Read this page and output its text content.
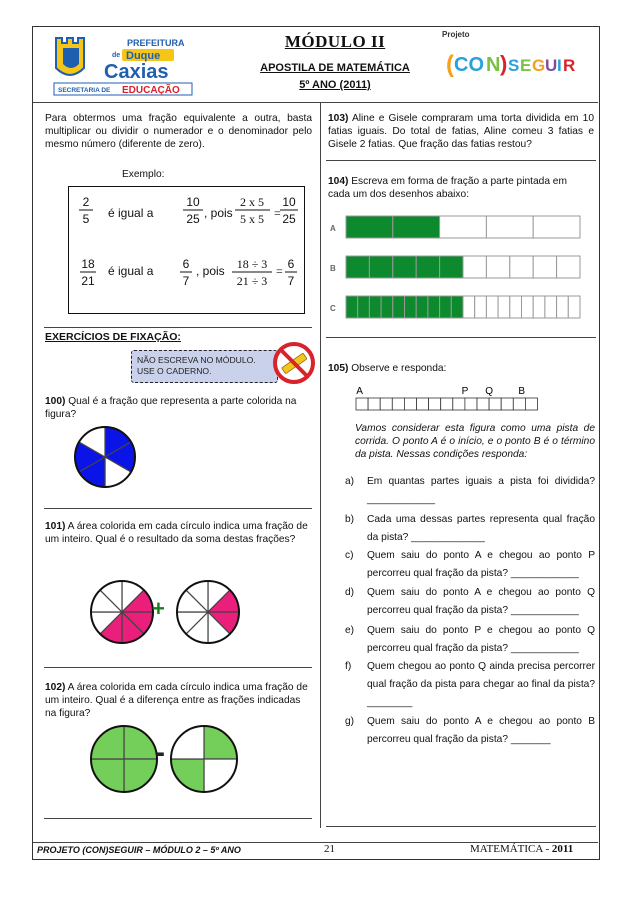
PREFEITURA
de Duque
Caxias
SECRETARIA DE EDUCAÇÃO
MÓDULO II
APOSTILA DE MATEMÁTICA
5º ANO (2011)
Projeto
( CO N ) S E G U I R
CON)SEGUIR
Para obtermos uma fração equivalente a outra, basta multiplicar ou dividir o numerador e o denominador pelo mesmo número (diferente de zero).
Exemplo:
2
5 é igual a
10
25 , pois
2 x 5
5 x 5 =
10
25
18
21
é igual a 6
7
, pois 18 ÷ 3
21 ÷ 3
= 6
7
EXERCÍCIOS DE FIXAÇÃO:
NÃO ESCREVA NO MÓDULO.
USE O CADERNO.
100) Qual é a fração que representa a parte colorida na figura?
101) A área colorida em cada círculo indica uma fração de um inteiro. Qual é o resultado da soma destas frações?
+
102) A área colorida em cada círculo indica uma fração de um inteiro. Qual é a diferença entre as frações indicadas na figura?
-
103) Aline e Gisele compraram uma torta dividida em 10 fatias iguais. Do total de fatias, Aline comeu 3 fatias e Gisele 2 fatias. Que fração das fatias restou?
104) Escreva em forma de fração a parte pintada em cada um dos desenhos abaixo:
A
B
C
105) Observe e responda:
A	P Q	B
Vamos considerar esta figura como uma pista de corrida. O ponto A é o início, e o ponto B é o término da pista. Nessas condições responda:
a) Em quantas partes iguais a pista foi dividida? ____________
b) Cada uma dessas partes representa qual fração da pista? _____________
c) Quem saiu do ponto A e chegou ao ponto P percorreu qual fração da pista? ____________
d) Quem saiu do ponto A e chegou ao ponto Q percorreu qual fração da pista? ____________
e) Quem saiu do ponto P e chegou ao ponto Q percorreu qual fração da pista? ____________
f) Quem chegou ao ponto Q ainda precisa percorrer qual fração da pista para chegar ao final da pista? ________
g) Quem saiu do ponto A e chegou ao ponto B percorreu qual fração da pista? _______
PROJETO (CON)SEGUIR – MÓDULO 2 – 5º ANO	21	MATEMÁTICA - 2011
